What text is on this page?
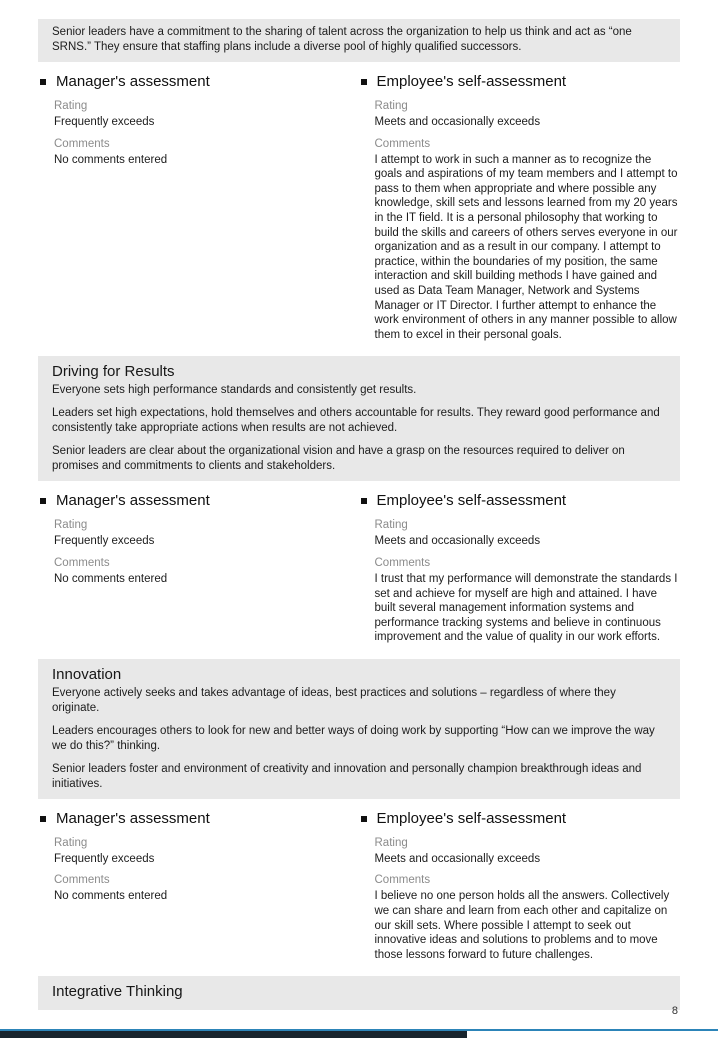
Senior leaders have a commitment to the sharing of talent across the organization to help us think and act as “one SRNS.” They ensure that staffing plans include a diverse pool of highly qualified successors.
Manager's assessment
Rating
Frequently exceeds
Comments
No comments entered
Employee's self-assessment
Rating
Meets and occasionally exceeds
Comments
I attempt to work in such a manner as to recognize the goals and aspirations of my team members and I attempt to pass to them when appropriate and where possible any knowledge, skill sets and lessons learned from my 20 years in the IT field. It is a personal philosophy that working to build the skills and careers of others serves everyone in our organization and as a result in our company. I attempt to practice, within the boundaries of my position, the same interaction and skill building methods I have gained and used as Data Team Manager, Network and Systems Manager or IT Director. I further attempt to enhance the work environment of others in any manner possible to allow them to excel in their personal goals.
Driving for Results

Everyone sets high performance standards and consistently get results.

Leaders set high expectations, hold themselves and others accountable for results. They reward good performance and consistently take appropriate actions when results are not achieved.

Senior leaders are clear about the organizational vision and have a grasp on the resources required to deliver on promises and commitments to clients and stakeholders.

Manager's assessment
Rating
Frequently exceeds
Comments
No comments entered
Employee's self-assessment
Rating
Meets and occasionally exceeds
Comments
I trust that my performance will demonstrate the standards I set and achieve for myself are high and attained. I have built several management information systems and performance tracking systems and believe in continuous improvement and the value of quality in our work efforts.
Innovation

Everyone actively seeks and takes advantage of ideas, best practices and solutions – regardless of where they originate.

Leaders encourages others to look for new and better ways of doing work by supporting “How can we improve the way we do this?” thinking.

Senior leaders foster and environment of creativity and innovation and personally champion breakthrough ideas and initiatives.

Manager's assessment
Rating
Frequently exceeds
Comments
No comments entered
Employee's self-assessment
Rating
Meets and occasionally exceeds
Comments
I believe no one person holds all the answers. Collectively we can share and learn from each other and capitalize on our skill sets. Where possible I attempt to seek out innovative ideas and solutions to problems and to move those lessons forward to future challenges.
Integrative Thinking
8
